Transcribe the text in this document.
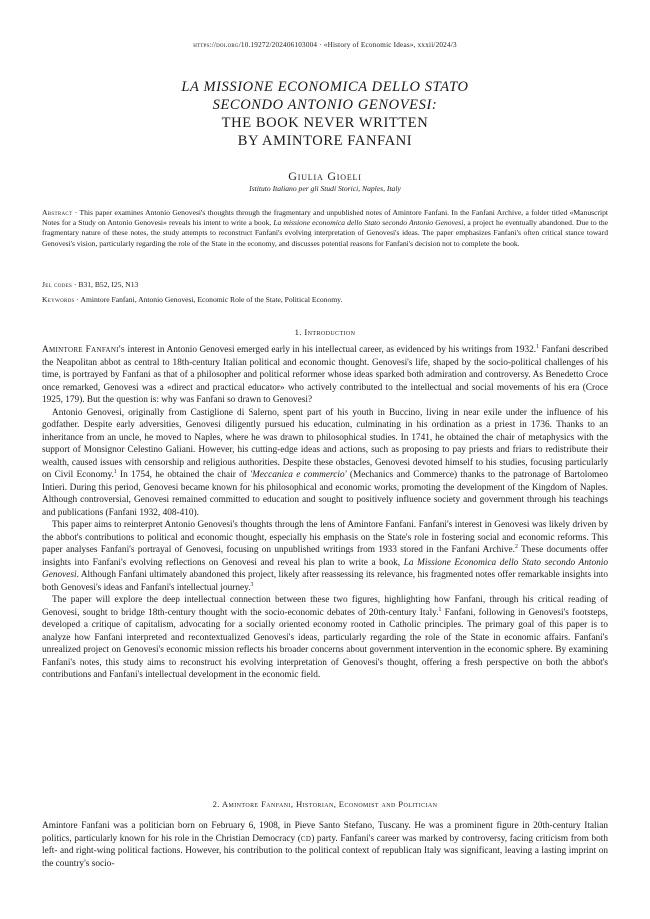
https://doi.org/10.19272/202406103004 · «History of Economic Ideas», xxxii/2024/3
LA MISSIONE ECONOMICA DELLO STATO
SECONDO ANTONIO GENOVESI:
THE BOOK NEVER WRITTEN
BY AMINTORE FANFANI
Giulia Gioeli
Istituto Italiano per gli Studi Storici, Naples, Italy
Abstract · This paper examines Antonio Genovesi's thoughts through the fragmentary and unpublished notes of Amintore Fanfani. In the Fanfani Archive, a folder titled «Manuscript Notes for a Study on Antonio Genovesi» reveals his intent to write a book, La missione economica dello Stato secondo Antonio Genovesi, a project he eventually abandoned. Due to the fragmentary nature of these notes, the study attempts to reconstruct Fanfani's evolving interpretation of Genovesi's ideas. The paper emphasizes Fanfani's often critical stance toward Genovesi's vision, particularly regarding the role of the State in the economy, and discusses potential reasons for Fanfani's decision not to complete the book.
Jel codes · B31, B52, I25, N13
Keywords · Amintore Fanfani, Antonio Genovesi, Economic Role of the State, Political Economy.
1. Introduction

Amintore Fanfani's interest in Antonio Genovesi emerged early in his intellectual career, as evidenced by his writings from 1932.$^1$ Fanfani described the Neapolitan abbot as central to 18th-century Italian political and economic thought. Genovesi's life, shaped by the socio-political challenges of his time, is portrayed by Fanfani as that of a philosopher and political reformer whose ideas sparked both admiration and controversy. As Benedetto Croce once remarked, Genovesi was a «direct and practical educator» who actively contributed to the intellectual and social movements of his era (Croce 1925, 179). But the question is: why was Fanfani so drawn to Genovesi?

Antonio Genovesi, originally from Castiglione di Salerno, spent part of his youth in Buccino, living in near exile under the influence of his godfather. Despite early adversities, Genovesi diligently pursued his education, culminating in his ordination as a priest in 1736. Thanks to an inheritance from an uncle, he moved to Naples, where he was drawn to philosophical studies. In 1741, he obtained the chair of metaphysics with the support of Monsignor Celestino Galiani. However, his cutting-edge ideas and actions, such as proposing to pay priests and friars to redistribute their wealth, caused issues with censorship and religious authorities. Despite these obstacles, Genovesi devoted himself to his studies, focusing particularly on Civil Economy.$^1$ In 1754, he obtained the chair of 'Meccanica e commercio' (Mechanics and Commerce) thanks to the patronage of Bartolomeo Intieri. During this period, Genovesi became known for his philosophical and economic works, promoting the development of the Kingdom of Naples. Although controversial, Genovesi remained committed to education and sought to positively influence society and government through his teachings and publications (Fanfani 1932, 408-410).

This paper aims to reinterpret Antonio Genovesi's thoughts through the lens of Amintore Fanfani. Fanfani's interest in Genovesi was likely driven by the abbot's contributions to political and economic thought, especially his emphasis on the State's role in fostering social and economic reforms. This paper analyses Fanfani's portrayal of Genovesi, focusing on unpublished writings from 1933 stored in the Fanfani Archive.$^2$ These documents offer insights into Fanfani's evolving reflections on Genovesi and reveal his plan to write a book, La Missione Economica dello Stato secondo Antonio Genovesi. Although Fanfani ultimately abandoned this project, likely after reassessing its relevance, his fragmented notes offer remarkable insights into both Genovesi's ideas and Fanfani's intellectual journey.$^3$

The paper will explore the deep intellectual connection between these two figures, highlighting how Fanfani, through his critical reading of Genovesi, sought to bridge 18th-century thought with the socio-economic debates of 20th-century Italy.$^1$ Fanfani, following in Genovesi's footsteps, developed a critique of capitalism, advocating for a socially oriented economy rooted in Catholic principles. The primary goal of this paper is to analyze how Fanfani interpreted and recontextualized Genovesi's ideas, particularly regarding the role of the State in economic affairs. Fanfani's unrealized project on Genovesi's economic mission reflects his broader concerns about government intervention in the economic sphere. By examining Fanfani's notes, this study aims to reconstruct his evolving interpretation of Genovesi's thought, offering a fresh perspective on both the abbot's contributions and Fanfani's intellectual development in the economic field.

2. Amintore Fanfani, Historian, Economist and Politician

Amintore Fanfani was a politician born on February 6, 1908, in Pieve Santo Stefano, Tuscany. He was a prominent figure in 20th-century Italian politics, particularly known for his role in the Christian Democracy (cd) party. Fanfani's career was marked by controversy, facing criticism from both left- and right-wing political factions. However, his contribution to the political context of republican Italy was significant, leaving a lasting imprint on the country's socio-
